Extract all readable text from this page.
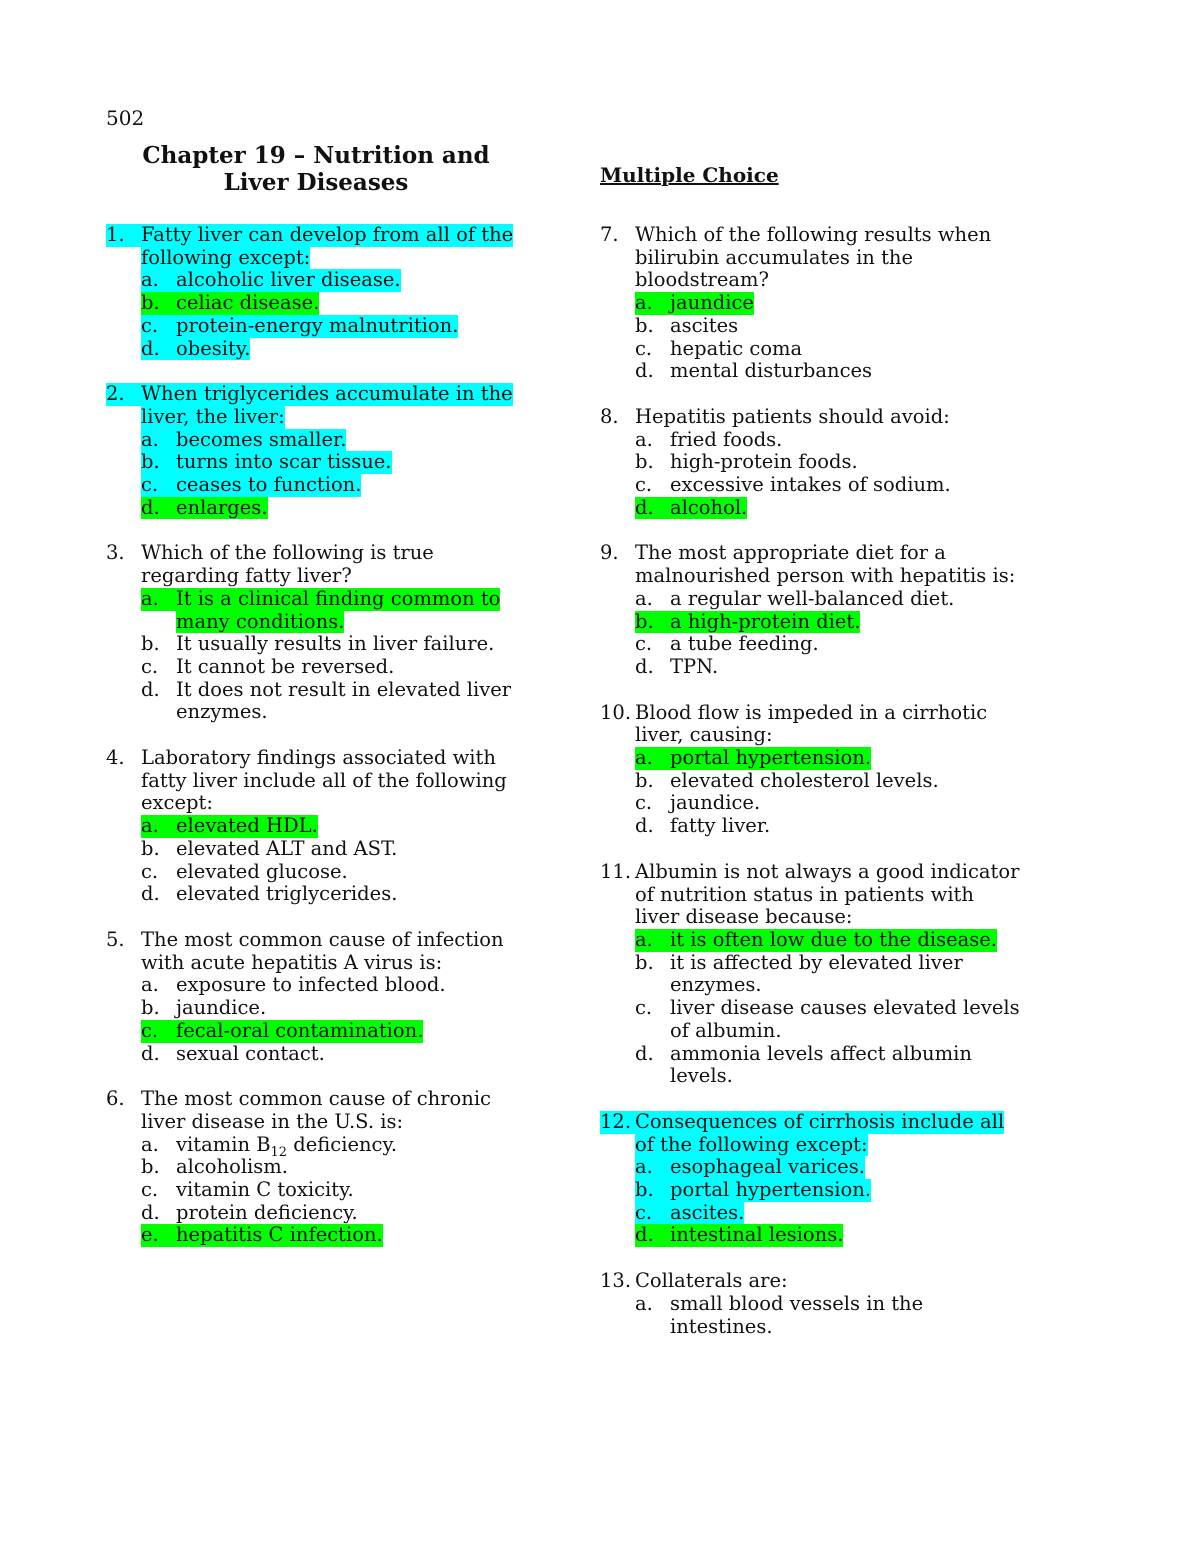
502
Chapter 19 – Nutrition and
Liver Diseases	Multiple Choice
1. Fatty liver can develop from all of the
following except:
a. alcoholic liver disease.
b. celiac disease.
c. protein-energy malnutrition.
d. obesity.
2. When triglycerides accumulate in the
liver, the liver:
a. becomes smaller.
b. turns into scar tissue.
c. ceases to function.
d. enlarges.
3. Which of the following is true
regarding fatty liver?
a. It is a clinical finding common to
many conditions.
b. It usually results in liver failure.
c. It cannot be reversed.
d. It does not result in elevated liver
enzymes.
4. Laboratory findings associated with
fatty liver include all of the following
except:
a. elevated HDL.
b. elevated ALT and AST.
c. elevated glucose.
d. elevated triglycerides.
5. The most common cause of infection
with acute hepatitis A virus is:
a. exposure to infected blood.
b. jaundice.
c. fecal-oral contamination.
d. sexual contact.
6. The most common cause of chronic
liver disease in the U.S. is:
a. vitamin $B_{12}$ deficiency.
b. alcoholism.
c. vitamin C toxicity.
d. protein deficiency.
e. hepatitis C infection.
7. Which of the following results when
bilirubin accumulates in the
bloodstream?
a. jaundice
b. ascites
c. hepatic coma
d. mental disturbances
8. Hepatitis patients should avoid:
a. fried foods.
b. high-protein foods.
c. excessive intakes of sodium.
d. alcohol.
9. The most appropriate diet for a
malnourished person with hepatitis is:
a. a regular well-balanced diet.
b. a high-protein diet.
c. a tube feeding.
d. TPN.
10. Blood flow is impeded in a cirrhotic
liver, causing:
a. portal hypertension.
b. elevated cholesterol levels.
c. jaundice.
d. fatty liver.
11. Albumin is not always a good indicator
of nutrition status in patients with
liver disease because:
a. it is often low due to the disease.
b. it is affected by elevated liver
enzymes.
c. liver disease causes elevated levels
of albumin.
d. ammonia levels affect albumin
levels.
12. Consequences of cirrhosis include all
of the following except:
a. esophageal varices.
b. portal hypertension.
c. ascites.
d. intestinal lesions.
13. Collaterals are:
a. small blood vessels in the
intestines.
